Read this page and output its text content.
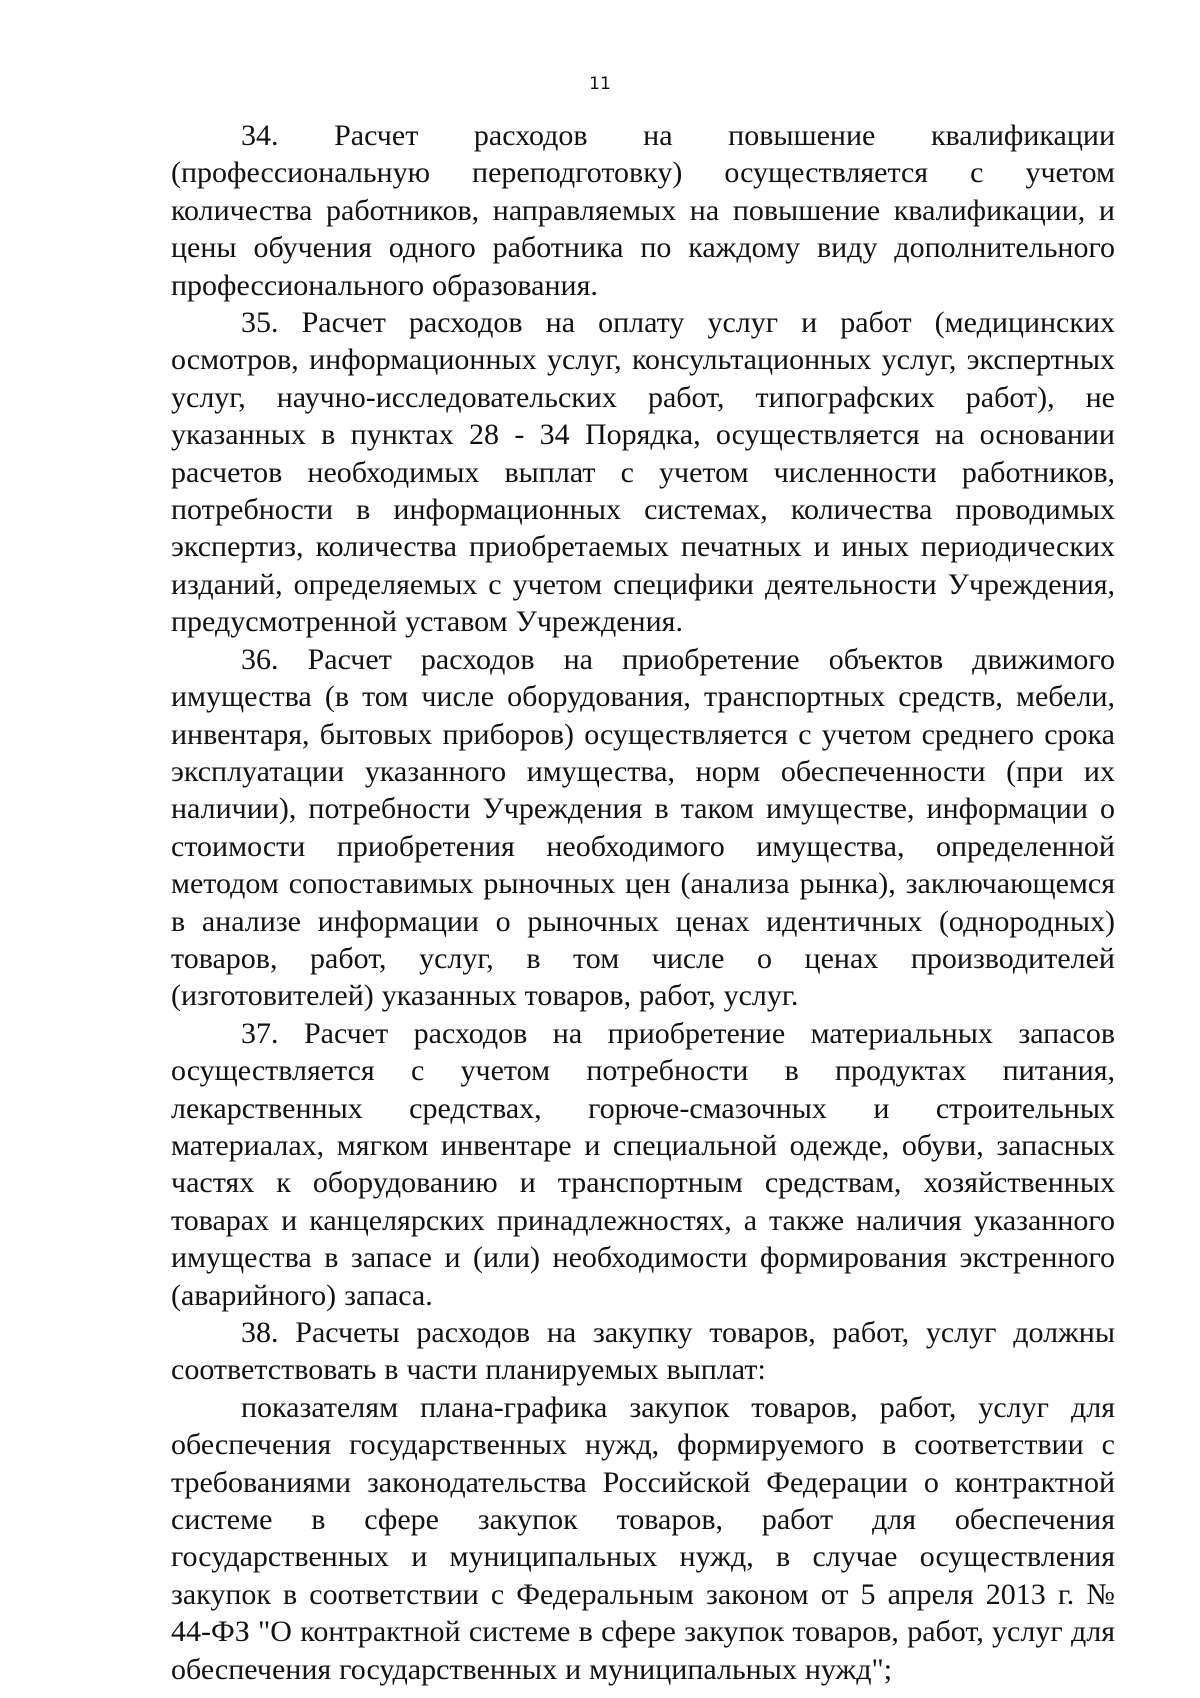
11

34. Расчет расходов на повышение квалификации (профессиональную переподготовку) осуществляется с учетом количества работников, направляемых на повышение квалификации, и цены обучения одного работника по каждому виду дополнительного профессионального образования.

35. Расчет расходов на оплату услуг и работ (медицинских осмотров, информационных услуг, консультационных услуг, экспертных услуг, научно-исследовательских работ, типографских работ), не указанных в пунктах 28 - 34 Порядка, осуществляется на основании расчетов необходимых выплат с учетом численности работников, потребности в информационных системах, количества проводимых экспертиз, количества приобретаемых печатных и иных периодических изданий, определяемых с учетом специфики деятельности Учреждения, предусмотренной уставом Учреждения.

36. Расчет расходов на приобретение объектов движимого имущества (в том числе оборудования, транспортных средств, мебели, инвентаря, бытовых приборов) осуществляется с учетом среднего срока эксплуатации указанного имущества, норм обеспеченности (при их наличии), потребности Учреждения в таком имуществе, информации о стоимости приобретения необходимого имущества, определенной методом сопоставимых рыночных цен (анализа рынка), заключающемся в анализе информации о рыночных ценах идентичных (однородных) товаров, работ, услуг, в том числе о ценах производителей (изготовителей) указанных товаров, работ, услуг.

37. Расчет расходов на приобретение материальных запасов осуществляется с учетом потребности в продуктах питания, лекарственных средствах, горюче-смазочных и строительных материалах, мягком инвентаре и специальной одежде, обуви, запасных частях к оборудованию и транспортным средствам, хозяйственных товарах и канцелярских принадлежностях, а также наличия указанного имущества в запасе и (или) необходимости формирования экстренного (аварийного) запаса.

38. Расчеты расходов на закупку товаров, работ, услуг должны соответствовать в части планируемых выплат:

показателям плана-графика закупок товаров, работ, услуг для обеспечения государственных нужд, формируемого в соответствии с требованиями законодательства Российской Федерации о контрактной системе в сфере закупок товаров, работ для обеспечения государственных и муниципальных нужд, в случае осуществления закупок в соответствии с Федеральным законом от 5 апреля 2013 г. № 44-ФЗ "О контрактной системе в сфере закупок товаров, работ, услуг для обеспечения государственных и муниципальных нужд";
